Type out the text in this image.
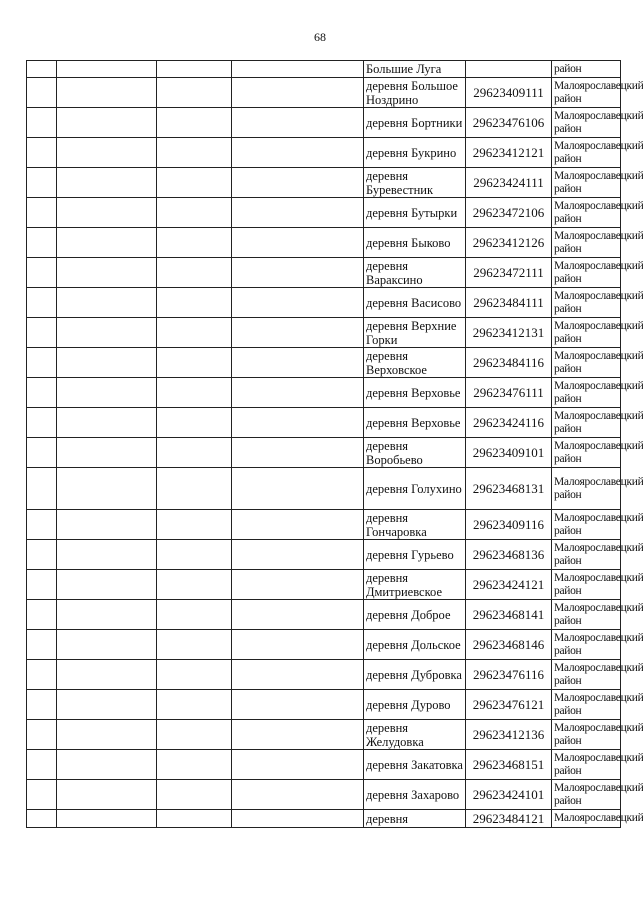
68
				Большие Луга		район
				деревня Большое Ноздрино	29623409111	Малоярославецкий район
				деревня Бортники	29623476106	Малоярославецкий район
				деревня Букрино	29623412121	Малоярославецкий район
				деревня Буревестник	29623424111	Малоярославецкий район
				деревня Бутырки	29623472106	Малоярославецкий район
				деревня Быково	29623412126	Малоярославецкий район
				деревня Вараксино	29623472111	Малоярославецкий район
				деревня Васисово	29623484111	Малоярославецкий район
				деревня Верхние Горки	29623412131	Малоярославецкий район
				деревня Верховское	29623484116	Малоярославецкий район
				деревня Верховье	29623476111	Малоярославецкий район
				деревня Верховье	29623424116	Малоярославецкий район
				деревня Воробьево	29623409101	Малоярославецкий район
				деревня Голухино	29623468131	Малоярославецкий район
				деревня Гончаровка	29623409116	Малоярославецкий район
				деревня Гурьево	29623468136	Малоярославецкий район
				деревня Дмитриевское	29623424121	Малоярославецкий район
				деревня Доброе	29623468141	Малоярославецкий район
				деревня Дольское	29623468146	Малоярославецкий район
				деревня Дубровка	29623476116	Малоярославецкий район
				деревня Дурово	29623476121	Малоярославецкий район
				деревня Желудовка	29623412136	Малоярославецкий район
				деревня Закатовка	29623468151	Малоярославецкий район
				деревня Захарово	29623424101	Малоярославецкий район
				деревня	29623484121	Малоярославецкий
